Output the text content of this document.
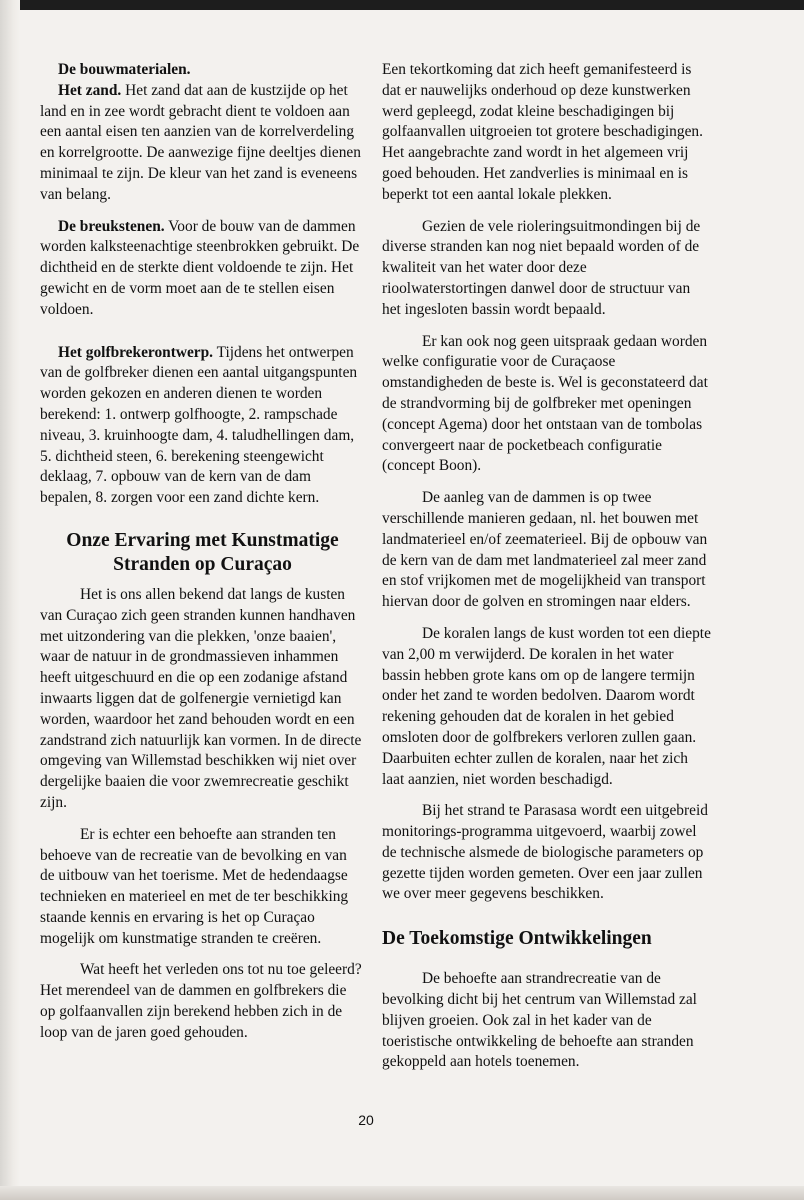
De bouwmaterialen.

Het zand. Het zand dat aan de kustzijde op het land en in zee wordt gebracht dient te voldoen aan een aantal eisen ten aanzien van de korrelverdeling en korrelgrootte. De aanwezige fijne deeltjes dienen minimaal te zijn. De kleur van het zand is eveneens van belang.

De breukstenen. Voor de bouw van de dammen worden kalksteenachtige steenbrokken gebruikt. De dichtheid en de sterkte dient voldoende te zijn. Het gewicht en de vorm moet aan de te stellen eisen voldoen.

Het golfbrekerontwerp. Tijdens het ontwerpen van de golfbreker dienen een aantal uitgangspunten worden gekozen en anderen dienen te worden berekend: 1. ontwerp golfhoogte, 2. rampschade niveau, 3. kruinhoogte dam, 4. taludhellingen dam, 5. dichtheid steen, 6. berekening steengewicht deklaag, 7. opbouw van de kern van de dam bepalen, 8. zorgen voor een zand dichte kern.

Onze Ervaring met Kunstmatige Stranden op Curaçao

Het is ons allen bekend dat langs de kusten van Curaçao zich geen stranden kunnen handhaven met uitzondering van die plekken, 'onze baaien', waar de natuur in de grondmassieven inhammen heeft uitgeschuurd en die op een zodanige afstand inwaarts liggen dat de golfenergie vernietigd kan worden, waardoor het zand behouden wordt en een zandstrand zich natuurlijk kan vormen. In de directe omgeving van Willemstad beschikken wij niet over dergelijke baaien die voor zwemrecreatie geschikt zijn.

Er is echter een behoefte aan stranden ten behoeve van de recreatie van de bevolking en van de uitbouw van het toerisme. Met de hedendaagse technieken en materieel en met de ter beschikking staande kennis en ervaring is het op Curaçao mogelijk om kunstmatige stranden te creëren.

Wat heeft het verleden ons tot nu toe geleerd? Het merendeel van de dammen en golfbrekers die op golfaanvallen zijn berekend hebben zich in de loop van de jaren goed gehouden.

Een tekortkoming dat zich heeft gemanifesteerd is dat er nauwelijks onderhoud op deze kunstwerken werd gepleegd, zodat kleine beschadigingen bij golfaanvallen uitgroeien tot grotere beschadigingen. Het aangebrachte zand wordt in het algemeen vrij goed behouden. Het zandverlies is minimaal en is beperkt tot een aantal lokale plekken.

Gezien de vele rioleringsuitmondingen bij de diverse stranden kan nog niet bepaald worden of de kwaliteit van het water door deze rioolwaterstortingen danwel door de structuur van het ingesloten bassin wordt bepaald.

Er kan ook nog geen uitspraak gedaan worden welke configuratie voor de Curaçaose omstandigheden de beste is. Wel is geconstateerd dat de strandvorming bij de golfbreker met openingen (concept Agema) door het ontstaan van de tombolas convergeert naar de pocketbeach configuratie (concept Boon).

De aanleg van de dammen is op twee verschillende manieren gedaan, nl. het bouwen met landmaterieel en/of zeematerieel. Bij de opbouw van de kern van de dam met landmaterieel zal meer zand en stof vrijkomen met de mogelijkheid van transport hiervan door de golven en stromingen naar elders.

De koralen langs de kust worden tot een diepte van 2,00 m verwijderd. De koralen in het water bassin hebben grote kans om op de langere termijn onder het zand te worden bedolven. Daarom wordt rekening gehouden dat de koralen in het gebied omsloten door de golfbrekers verloren zullen gaan. Daarbuiten echter zullen de koralen, naar het zich laat aanzien, niet worden beschadigd.

Bij het strand te Parasasa wordt een uitgebreid monitorings-programma uitgevoerd, waarbij zowel de technische alsmede de biologische parameters op gezette tijden worden gemeten. Over een jaar zullen we over meer gegevens beschikken.

De Toekomstige Ontwikkelingen

De behoefte aan strandrecreatie van de bevolking dicht bij het centrum van Willemstad zal blijven groeien. Ook zal in het kader van de toeristische ontwikkeling de behoefte aan stranden gekoppeld aan hotels toenemen.

20
